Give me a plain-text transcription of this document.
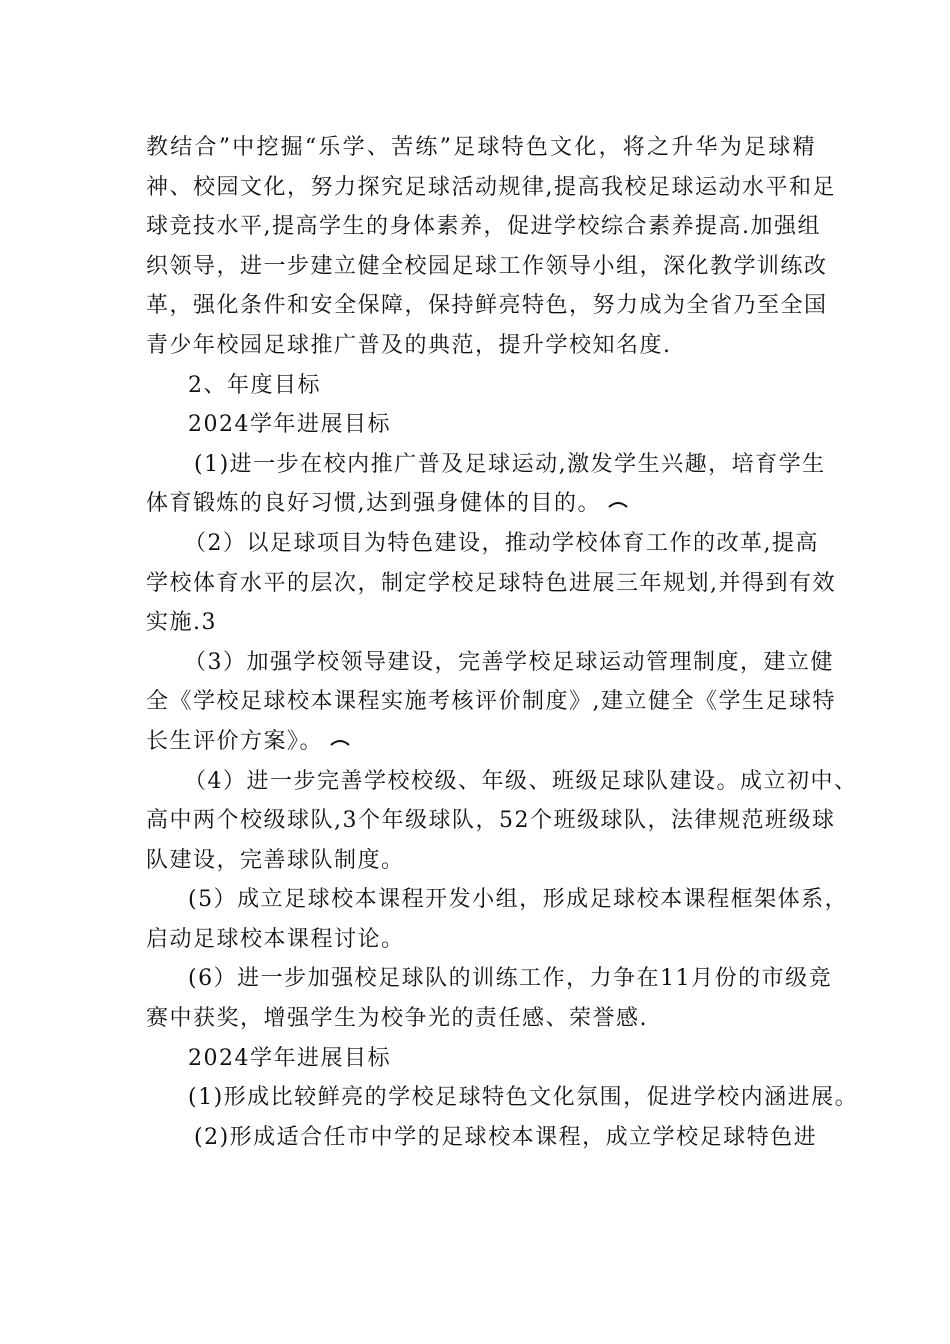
教结合”中挖掘“乐学、苦练”足球特色文化，将之升华为足球精
神、校园文化，努力探究足球活动规律,提高我校足球运动水平和足
球竞技水平,提高学生的身体素养，促进学校综合素养提高.加强组
织领导，进一步建立健全校园足球工作领导小组，深化教学训练改
革，强化条件和安全保障，保持鲜亮特色，努力成为全省乃至全国
青少年校园足球推广普及的典范，提升学校知名度.
2、年度目标
2024学年进展目标
(1)进一步在校内推广普及足球运动,激发学生兴趣，培育学生
体育锻炼的良好习惯,达到强身健体的目的。
（2）以足球项目为特色建设，推动学校体育工作的改革,提高
学校体育水平的层次，制定学校足球特色进展三年规划,并得到有效
实施.3
（3）加强学校领导建设，完善学校足球运动管理制度，建立健
全《学校足球校本课程实施考核评价制度》,建立健全《学生足球特
长生评价方案》。
（4）进一步完善学校校级、年级、班级足球队建设。成立初中、
高中两个校级球队,3个年级球队，52个班级球队，法律规范班级球
队建设，完善球队制度。
(5）成立足球校本课程开发小组，形成足球校本课程框架体系，
启动足球校本课程讨论。
(6）进一步加强校足球队的训练工作，力争在11月份的市级竞
赛中获奖，增强学生为校争光的责任感、荣誉感.
2024学年进展目标
(1)形成比较鲜亮的学校足球特色文化氛围，促进学校内涵进展。
(2)形成适合任市中学的足球校本课程，成立学校足球特色进
